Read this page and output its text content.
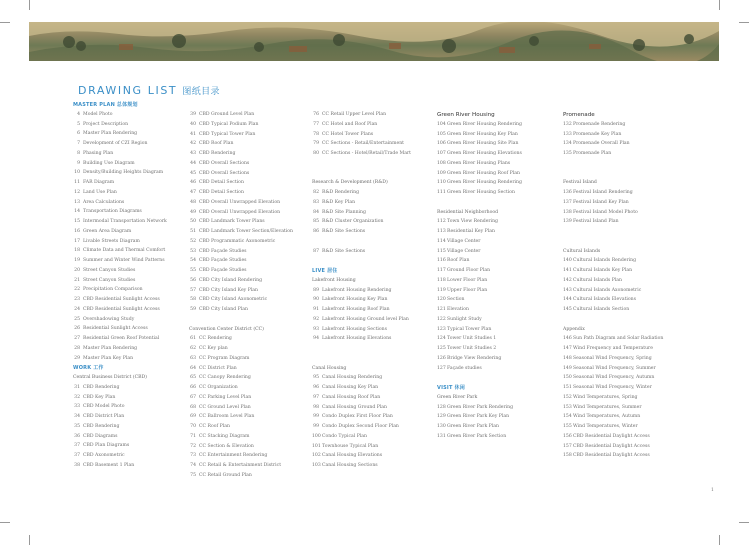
DRAWING LIST 图纸目录
MASTER PLAN 总体规划
4 Model Photo
5 Project Description
6 Master Plan Rendering
7 Development of CZI Region
8 Phasing Plan
9 Building Use Diagram
10 Density/Building Heights Diagram
11 FAR Diagram
12 Land Use Plan
13 Area Calculations
14 Transportation Diagrams
15 Intermodal Transportation Network
16 Green Area Diagram
17 Livable Streets Diagram
18 Climate Data and Thermal Comfort
19 Summer and Winter Wind Patterns
20 Street Canyon Studies
21 Street Canyon Studies
22 Precipitation Comparison
23 CBD Residential Sunlight Access
24 CBD Residential Sunlight Access
25 Overshadowing Study
26 Residential Sunlight Access
27 Residential Green Roof Potential
28 Master Plan Rendering
29 Master Plan Key Plan
WORK 工作
Central Business District (CBD)
31 CBD Rendering
32 CBD Key Plan
33 CBD Model Photo
34 CBD District Plan
35 CBD Rendering
36 CBD Diagrams
37 CBD Plan Diagrams
37 CBD Axonometric
38 CBD Basement 1 Plan
39 CBD Ground Level Plan
40 CBD Typical Podium Plan
41 CBD Typical Tower Plan
42 CBD Roof Plan
43 CBD Rendering
44 CBD Overall Sections
45 CBD Overall Sections
46 CBD Detail Section
47 CBD Detail Section
48 CBD Overall Unwrapped Elevation
49 CBD Overall Unwrapped Elevation
50 CBD Landmark Tower Plans
51 CBD Landmark Tower Section/Elevation
52 CBD Programmatic Axonometric
53 CBD Façade Studies
54 CBD Façade Studies
55 CBD Façade Studies
56 CBD City Island Rendering
57 CBD City Island Key Plan
58 CBD City Island Axonometric
59 CBD City Island Plan
Convention Center District (CC)
61 CC Rendering
62 CC Key plan
63 CC Program Diagram
64 CC District Plan
65 CC Canopy Rendering
66 CC Organization
67 CC Parking Level Plan
68 CC Ground Level Plan
69 CC Ballroom Level Plan
70 CC Roof Plan
71 CC Stacking Diagram
72 CC Section & Elevation
73 CC Entertainment Rendering
74 CC Retail & Entertainment District
75 CC Retail Ground Plan
76 CC Retail Upper Level Plan
77 CC Hotel and Roof Plan
78 CC Hotel Tower Plans
79 CC Sections - Retail/Entertainment
80 CC Sections - Hotel/Retail/Trade Mart
Research & Development (R&D)
82 R&D Rendering
83 R&D Key Plan
84 R&D Site Planning
85 R&D Cluster Organization
86 R&D Site Sections
87 R&D Site Sections
LIVE 居住
Lakefront Housing
89 Lakefront Housing Rendering
90 Lakefront Housing Key Plan
91 Lakefront Housing Roof Plan
92 Lakefront Housing Ground level Plan
93 Lakefront Housing Sections
94 Lakefront Housing Elevations
Canal Housing
95 Canal Housing Rendering
96 Canal Housing Key Plan
97 Canal Housing Roof Plan
98 Canal Housing Ground Plan
99 Condo Duplex First Floor Plan
99 Condo Duplex Second Floor Plan
100Condo Typical Plan
101Townhouse Typical Plan
102Canal Housing Elevations
103Canal Housing Sections
Green River Housing
104Green River Housing Rendering
105Green River Housing Key Plan
106Green River Housing Site Plan
107Green River Housing Elevations
108Green River Housing Plans
109Green River Housing Roof Plan
110Green River Housing Rendering
111Green River Housing Section
Residential Neighborhood
112Town View Rendering
113Residential Key Plan
114Village Center
115Village Center
116Roof Plan
117Ground Floor Plan
118Lower Floor Plan
119Upper Floor Plan
120Section
121Elevation
122Sunlight Study
123Typical Tower Plan
124Tower Unit Studies 1
125Tower Unit Studies 2
126Bridge View Rendering
127Façade studies
VISIT 休闲
Green River Park
128Green River Park Rendering
129Green River Park Key Plan
130Green River Park Plan
131Green River Park Section
Promenade
132Promenade Rendering
133Promenade Key Plan
134Promenade Overall Plan
135Promenade Plan
Festival Island
136Festival Island Rendering
137Festival Island Key Plan
138Festival Island Model Photo
139Festival Island Plan
Cultural Islands
140Cultural Islands Rendering
141Cultural Islands Key Plan
142Cultural Islands Plan
143Cultural Islands Axonometric
144Cultural Islands Elevations
145Cultural Islands Section
Appendix
146Sun Path Diagram and Solar Radiation
147Wind Frequency and Temperature
148Seasonal Wind Frequency, Spring
149Seasonal Wind Frequency, Summer
150Seasonal Wind Frequency, Autumn
151Seasonal Wind Frequency, Winter
152Wind Temperatures, Spring
153Wind Temperatures, Summer
154Wind Temperatures, Autumn
155Wind Temperatures, Winter
156CBD Residential Daylight Access
157CBD Residential Daylight Access
158CBD Residential Daylight Access
1
